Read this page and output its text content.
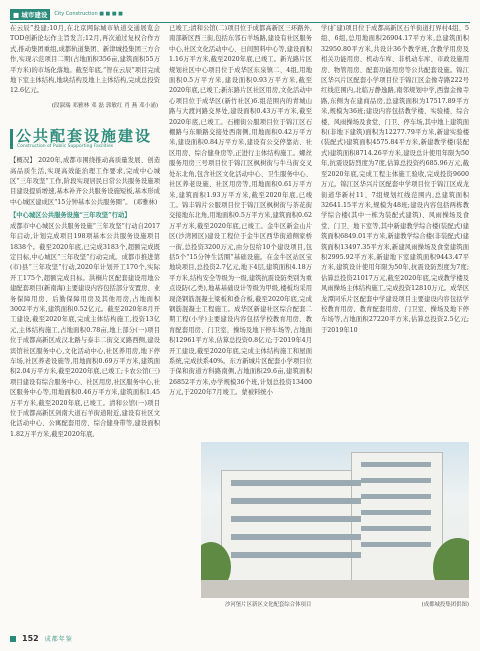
■ 城市建设	City Construction ■ ■ ■ ■

在云辰”投建;10月,在北京网际城市轨道交通展览会TOD创新论坛作主旨发言;12月,再次通过复权合作方式,推动集团重组,成都轨道集团、新津城投集团三方合作,实现示范项目二期(占地面积356亩,建筑面积55万平方米)的市场化落地。截至年底,“智在云辰”项目完成地下室主体结构,地块结构及地上主体结构,完成总投资12.6亿元。

(段淑瑞 邓雅林 邓 磊 郭敏红 肖 燕 邓小涌)

公共配套设施建设
Construction of Public Supporting Facilities

【概况】 2020年,成都市围绕推动高质量发展、创造高品质生活,实现高效能治理工作要求,完成中心城区“三年攻坚”工作,阶段实现居民日常公共服务设施项目建设提质增速,基本补齐公共服务设施短板,基本形成中心城区建成区“15分钟基本公共服务圈”。 (邓雅林)

【中心城区公共服务设施“三年攻坚”行动】

成都市中心城区公共服务设施“三年攻坚”行动自2017年启动,计划完成项目198项基本公共服务设施项目1838个。截至2020年底,已完成3183个,超额完成既定目标,中心城区“三年攻坚”行动完成。成都市推进第(市)县“三年攻坚”行动,2020年计划开工170个,实际开工175个,超额完成目标。洪桐片区配套建设用地公建配套项目(新南海)主要建设内容包括部分安置房、业务保障用房、后勤保障用房及其他用房,占地面积3002平方米,建筑面积0.52亿元。截至2020年8月开工建设,截至2020年底,完成主体结构施工,投资13亿元,主体结构施工,占地面积0.78亩,地上部分(一)项目位于成都高新区成汉北路与泰丰二街交叉路西侧,建设宾馆社区服务中心,文化活动中心,社区养用房,地下停车场,社区养老设施等,用地面积0.69万平方米,建筑面积2.04万平方米,截至2020年底,已竣工;卡农公馆(三)项目建设有综合服务中心、社区用房,社区服务中心,社区服务中心等,用地面积0.46万平方米,建筑面积1.45万平方米,截至2020年底,已竣工。清和公馆(一)项目位于成都高新区剑南大道石羊街道附近,建设有社区文化活动中心、公寓配套用房、综合健身带等,建设面积1.82万平方米,截至2020年底,

已竣工;清和公馆(二)项目位于成都高新区三环路外,南部新区西三街,包括东邻石羊场路,建设有社区服务中心,社区文化活动中心、日间照料中心等,建设面积1.16万平方米,截至2020年底,已竣工。新光路片区规划社区中心项目位于成华区东泉镇二、4组,用地面积0.5万平方米,建设面积0.93万平方米,截至2020年底,已竣工;新东路片区社区用房,文化活动中心项目位于成华区(新竹社区)6.组范围内的青城山路与大渡河路交界处,建设面积0.43万平方米,截至2020年底,已竣工。石棚街公服项目位于锦江区石棚路与东顺路交接处西南侧,用地面积0.42万平方米,建设面积0.84万平方米,建设有公交停靠站、社区用房、综合健身房等,正进行主体结构施工。螺丝服务用房三号项目位于锦江区枫树街与牛马街交叉处东北角,包含社区文化活动中心、卫生服务中心、社区养老设施、社区用房等,用地面积0.61万平方米,建筑面积1.93万平方米,截至2020年底,已竣工。锦丰锦片公服项目位于锦江区枫树街与茶花街交接地东北角,用地面积0.5万平方米,建筑面积0.62万平方米,截至2020年底,已竣工。金牛区新金山片区(沙湾园区)建设工程位于金牛区西华街道侧家桥一街,总投资3200万元,由分包给10个建设项目,包括5个“15分钟生活圈”基础设施。在金牛区站区宝地块项目,总投资2.7亿元,地下4层,建筑面积4.18万平方米,结构安全等级为一级,建筑抗震设防类别为重点设防(乙类),地基基础设计等级为甲级,楼板均采用现浇钢筋混凝土梁板和叠合板,截至2020年底,完成钢筋混凝土工程施工。成华区新建社区综合配套二期工程(小学)主要建设内容包括学校教育用房、教育配套用房、门卫室、操场及地下停车场等,占地面积12961平方米,估算总投资0.8亿元;于2019年4月开工建设,截至2020年底,完成主体结构施工和屋面系统,完成扶系40%。东方新城片区配套小学项目位于保和街道方科路南侧,占地面积29.6亩,建筑面积26852平方米,办学规模36个班,计划总投资13400万元,于2020年7月竣工。蒙被料统小

学(扩建)项目位于成都高新区石羊街道打界村4组、5组、6组,总用地面积26904.17平方米,总建筑面积32950.80平方米,共设计36个教学班,含教学用房及相关功能用房、机动车库、非机动车库、市政设施用房、物管用房、配套功能用房等公共配套设施。锦江区华兴片区配套小学项目位于锦江区金像寺路222号红线范围内,北临万静逸路,南邻规划中学,西靠金像寺路,东侧为在建商品房,总建筑面积为17517.89平方米,规模为36班;建设内容包括教学楼、实验楼、综合楼、风雨操场及食堂、门卫、停车场,其中地上建筑面积(非地下建筑)面积为12277.79平方米,新建实验楼(装配式)建筑面积4575.84平方米,新建教学楼(装配式)建筑面积8714.26平方米,建设总计使用年限为50年,抗震设防烈度为7度,估算总投资约685.96万元,截至2020年底,完成工程主体施工验收,完成投资9600万元。锦江区华兴片区配套中学项目位于锦江区成龙街道华新村11、7组规划红线范围内,总建筑面积32641.15平方米,规模为48班;建设内容包括两栋教学综合楼(其中一栋为装配式建筑)、风雨操场及食堂、门卫、地下室等,其中新建教学综合楼(装配式)建筑面积6849.01平方米,新建教学综合楼(非装配式)建筑面积13497.35平方米,新建风雨操场及食堂建筑面积2995.92平方米,新建地下室建筑面积9443.47平方米,建筑设计使用年限为50年,抗震设防烈度为7度;估算总投资21017万元,截至2020年底,完成教学楼及风雨操场主体结构施工,完成投资12810万元。成华区龙潭同乐片区配套中学建设项目主要建设内容包括学校教育用房、教育配套用房、门卫室、操场及地下停车场等,占地面积27220平方米,估算总投资2.5亿元;于2019年10

沙河堡片区新区文化配套综合体项目	(成都城投集团供图)
152 成都年鉴
